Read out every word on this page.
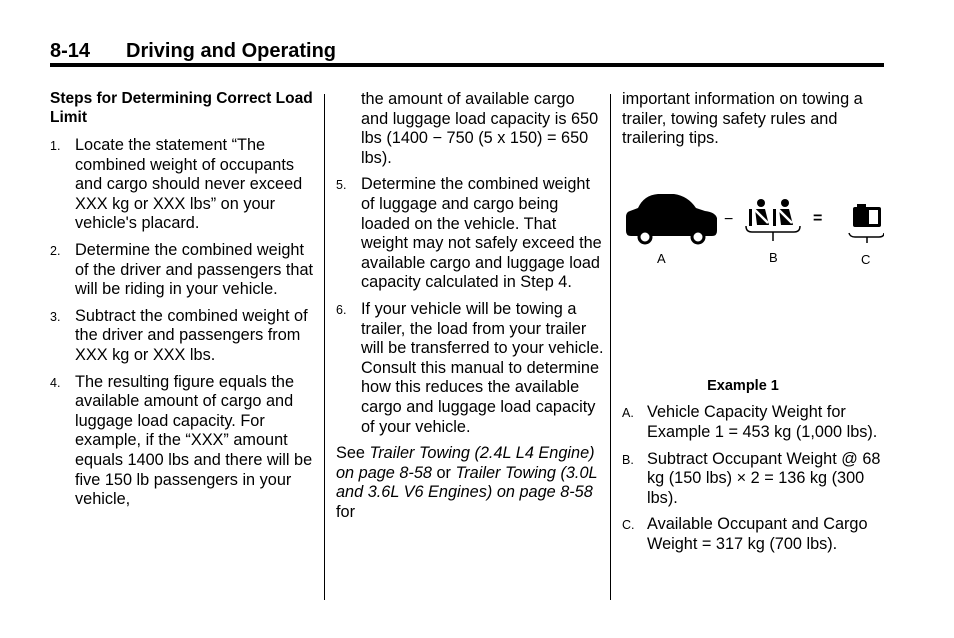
8-14 Driving and Operating
Steps for Determining Correct Load Limit
1. Locate the statement “The combined weight of occupants and cargo should never exceed XXX kg or XXX lbs” on your vehicle's placard.
2. Determine the combined weight of the driver and passengers that will be riding in your vehicle.
3. Subtract the combined weight of the driver and passengers from XXX kg or XXX lbs.
4. The resulting figure equals the available amount of cargo and luggage load capacity. For example, if the “XXX” amount equals 1400 lbs and there will be five 150 lb passengers in your vehicle,
the amount of available cargo and luggage load capacity is 650 lbs (1400 − 750 (5 x 150) = 650 lbs).
5. Determine the combined weight of luggage and cargo being loaded on the vehicle. That weight may not safely exceed the available cargo and luggage load capacity calculated in Step 4.
6. If your vehicle will be towing a trailer, the load from your trailer will be transferred to your vehicle. Consult this manual to determine how this reduces the available cargo and luggage load capacity of your vehicle.
See Trailer Towing (2.4L L4 Engine) on page 8-58 or Trailer Towing (3.0L and 3.6L V6 Engines) on page 8-58 for
important information on towing a trailer, towing safety rules and trailering tips.
−	=
A	B	C
Example 1
A. Vehicle Capacity Weight for Example 1 = 453 kg (1,000 lbs).
B. Subtract Occupant Weight @ 68 kg (150 lbs) × 2 = 136 kg (300 lbs).
C. Available Occupant and Cargo Weight = 317 kg (700 lbs).
